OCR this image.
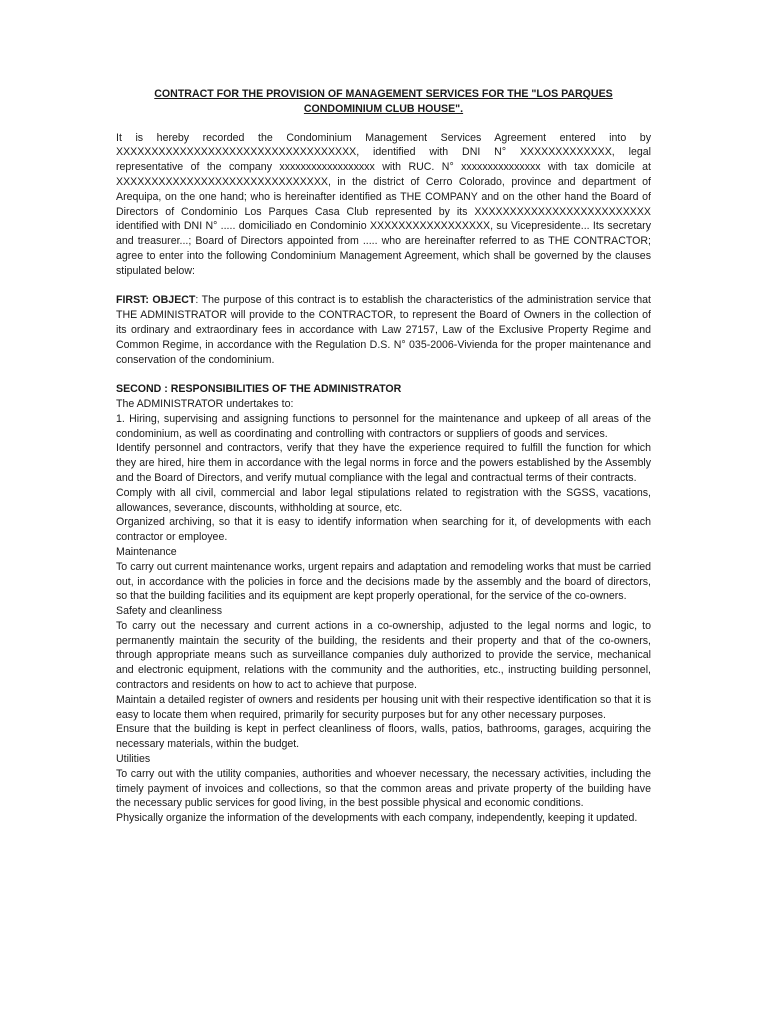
CONTRACT FOR THE PROVISION OF MANAGEMENT SERVICES FOR THE "LOS PARQUES CONDOMINIUM CLUB HOUSE".

It is hereby recorded the Condominium Management Services Agreement entered into by XXXXXXXXXXXXXXXXXXXXXXXXXXXXXXXXXX, identified with DNI N° XXXXXXXXXXXXX, legal representative of the company xxxxxxxxxxxxxxxxxx with RUC. N° xxxxxxxxxxxxxxx with tax domicile at XXXXXXXXXXXXXXXXXXXXXXXXXXXXXX, in the district of Cerro Colorado, province and department of Arequipa, on the one hand; who is hereinafter identified as THE COMPANY and on the other hand the Board of Directors of Condominio Los Parques Casa Club represented by its XXXXXXXXXXXXXXXXXXXXXXXXX identified with DNI N° ..... domiciliado en Condominio XXXXXXXXXXXXXXXXX, su Vicepresidente... Its secretary and treasurer...; Board of Directors appointed from ..... who are hereinafter referred to as THE CONTRACTOR; agree to enter into the following Condominium Management Agreement, which shall be governed by the clauses stipulated below:

FIRST: OBJECT: The purpose of this contract is to establish the characteristics of the administration service that THE ADMINISTRATOR will provide to the CONTRACTOR, to represent the Board of Owners in the collection of its ordinary and extraordinary fees in accordance with Law 27157, Law of the Exclusive Property Regime and Common Regime, in accordance with the Regulation D.S. N° 035-2006-Vivienda for the proper maintenance and conservation of the condominium.

SECOND : RESPONSIBILITIES OF THE ADMINISTRATOR

The ADMINISTRATOR undertakes to:

1. Hiring, supervising and assigning functions to personnel for the maintenance and upkeep of all areas of the condominium, as well as coordinating and controlling with contractors or suppliers of goods and services.

Identify personnel and contractors, verify that they have the experience required to fulfill the function for which they are hired, hire them in accordance with the legal norms in force and the powers established by the Assembly and the Board of Directors, and verify mutual compliance with the legal and contractual terms of their contracts.

Comply with all civil, commercial and labor legal stipulations related to registration with the SGSS, vacations, allowances, severance, discounts, withholding at source, etc.

Organized archiving, so that it is easy to identify information when searching for it, of developments with each contractor or employee.

Maintenance

To carry out current maintenance works, urgent repairs and adaptation and remodeling works that must be carried out, in accordance with the policies in force and the decisions made by the assembly and the board of directors, so that the building facilities and its equipment are kept properly operational, for the service of the co-owners.

Safety and cleanliness

To carry out the necessary and current actions in a co-ownership, adjusted to the legal norms and logic, to permanently maintain the security of the building, the residents and their property and that of the co-owners, through appropriate means such as surveillance companies duly authorized to provide the service, mechanical and electronic equipment, relations with the community and the authorities, etc., instructing building personnel, contractors and residents on how to act to achieve that purpose.

Maintain a detailed register of owners and residents per housing unit with their respective identification so that it is easy to locate them when required, primarily for security purposes but for any other necessary purposes.

Ensure that the building is kept in perfect cleanliness of floors, walls, patios, bathrooms, garages, acquiring the necessary materials, within the budget.

Utilities

To carry out with the utility companies, authorities and whoever necessary, the necessary activities, including the timely payment of invoices and collections, so that the common areas and private property of the building have the necessary public services for good living, in the best possible physical and economic conditions.

Physically organize the information of the developments with each company, independently, keeping it updated.
